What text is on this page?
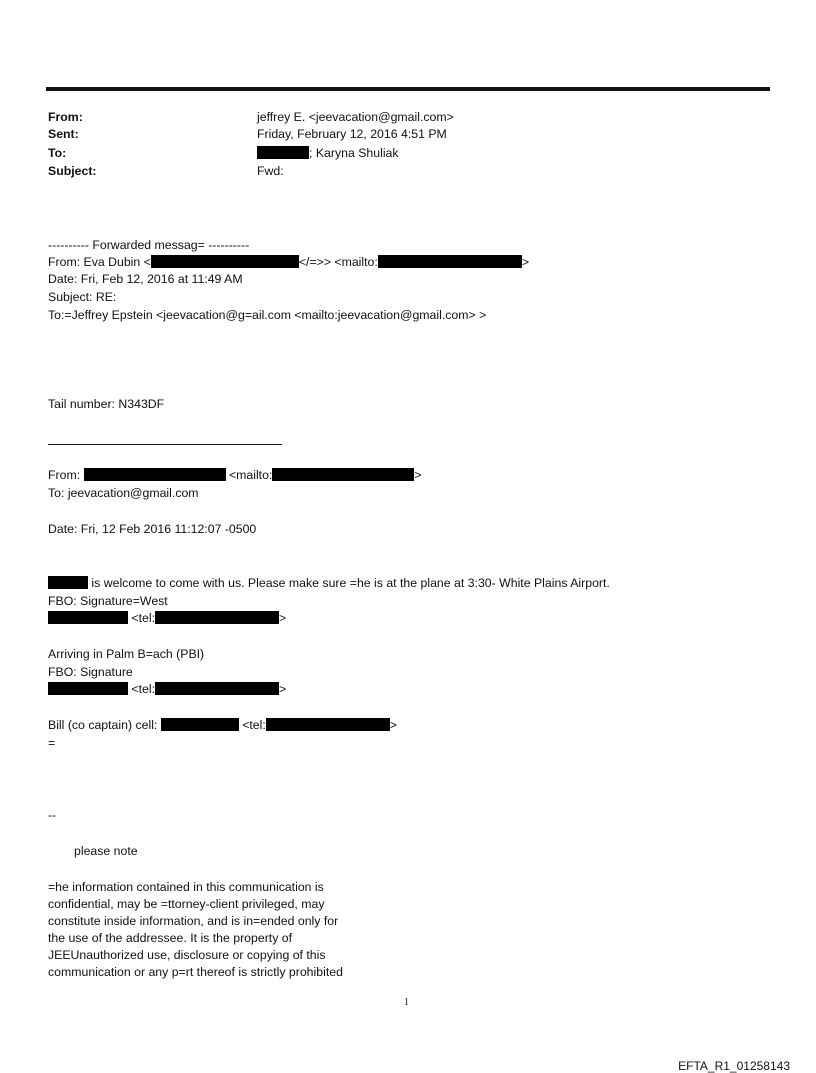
From:	jeffrey E. <jeevacation@gmail.com>
Sent:	Friday, February 12, 2016 4:51 PM
To:	; Karyna Shuliak
Subject:	Fwd:
---------- Forwarded messag= ----------
From: Eva Dubin <	</=>> <mailto:	>
Date: Fri, Feb 12, 2016 at 11:49 AM
Subject: RE:
To:=Jeffrey Epstein <jeevacation@g=ail.com <mailto:jeevacation@gmail.com> >
Tail number: N343DF
From:	<mailto:	>
To: jeevacation@gmail.com
Date: Fri, 12 Feb 2016 11:12:07 -0500
is welcome to come with us. Please make sure =he is at the plane at 3:30- White Plains Airport.
FBO: Signature=West
<tel:	>
Arriving in Palm B=ach (PBI)
FBO: Signature
<tel:	>
Bill (co captain) cell:	<tel:	>
=
--
please note
=he information contained in this communication is
confidential, may be =ttorney-client privileged, may
constitute inside information, and is in=ended only for
the use of the addressee. It is the property of
JEEUnauthorized use, disclosure or copying of this
communication or any p=rt thereof is strictly prohibited
1
EFTA_R1_01258143
